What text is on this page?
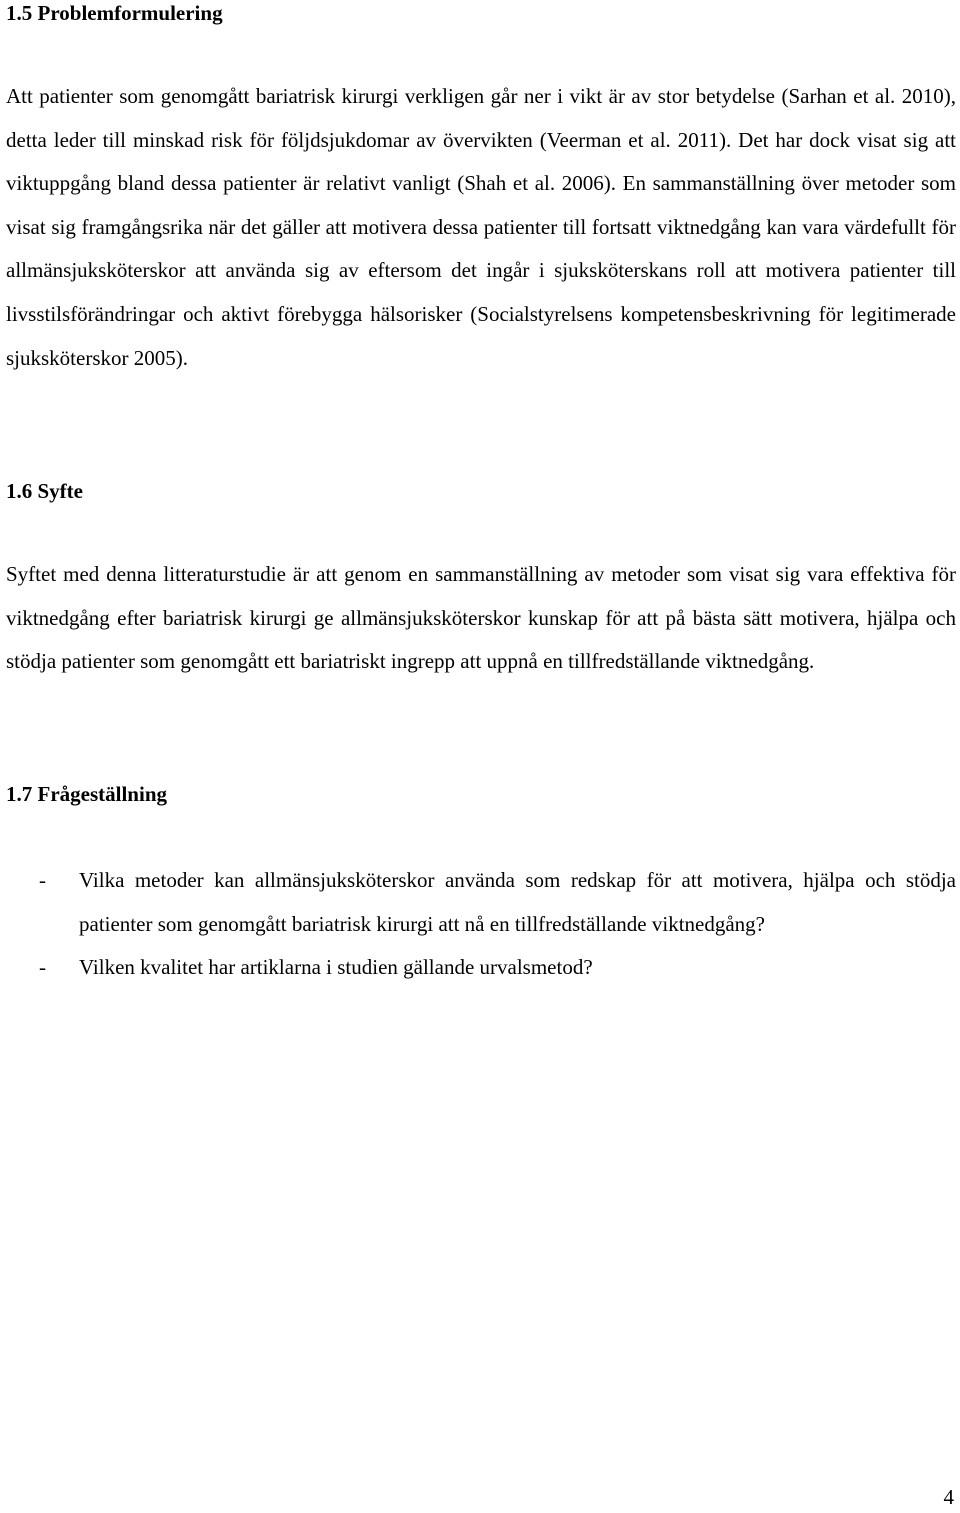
1.5 Problemformulering

Att patienter som genomgått bariatrisk kirurgi verkligen går ner i vikt är av stor betydelse (Sarhan et al. 2010), detta leder till minskad risk för följdsjukdomar av övervikten (Veerman et al. 2011). Det har dock visat sig att viktuppgång bland dessa patienter är relativt vanligt (Shah et al. 2006). En sammanställning över metoder som visat sig framgångsrika när det gäller att motivera dessa patienter till fortsatt viktnedgång kan vara värdefullt för allmänsjuksköterskor att använda sig av eftersom det ingår i sjuksköterskans roll att motivera patienter till livsstilsförändringar och aktivt förebygga hälsorisker (Socialstyrelsens kompetensbeskrivning för legitimerade sjuksköterskor 2005).

1.6 Syfte

Syftet med denna litteraturstudie är att genom en sammanställning av metoder som visat sig vara effektiva för viktnedgång efter bariatrisk kirurgi ge allmänsjuksköterskor kunskap för att på bästa sätt motivera, hjälpa och stödja patienter som genomgått ett bariatriskt ingrepp att uppnå en tillfredställande viktnedgång.

1.7 Frågeställning
- Vilka metoder kan allmänsjuksköterskor använda som redskap för att motivera, hjälpa och stödja patienter som genomgått bariatrisk kirurgi att nå en tillfredställande viktnedgång?
- Vilken kvalitet har artiklarna i studien gällande urvalsmetod?
4
